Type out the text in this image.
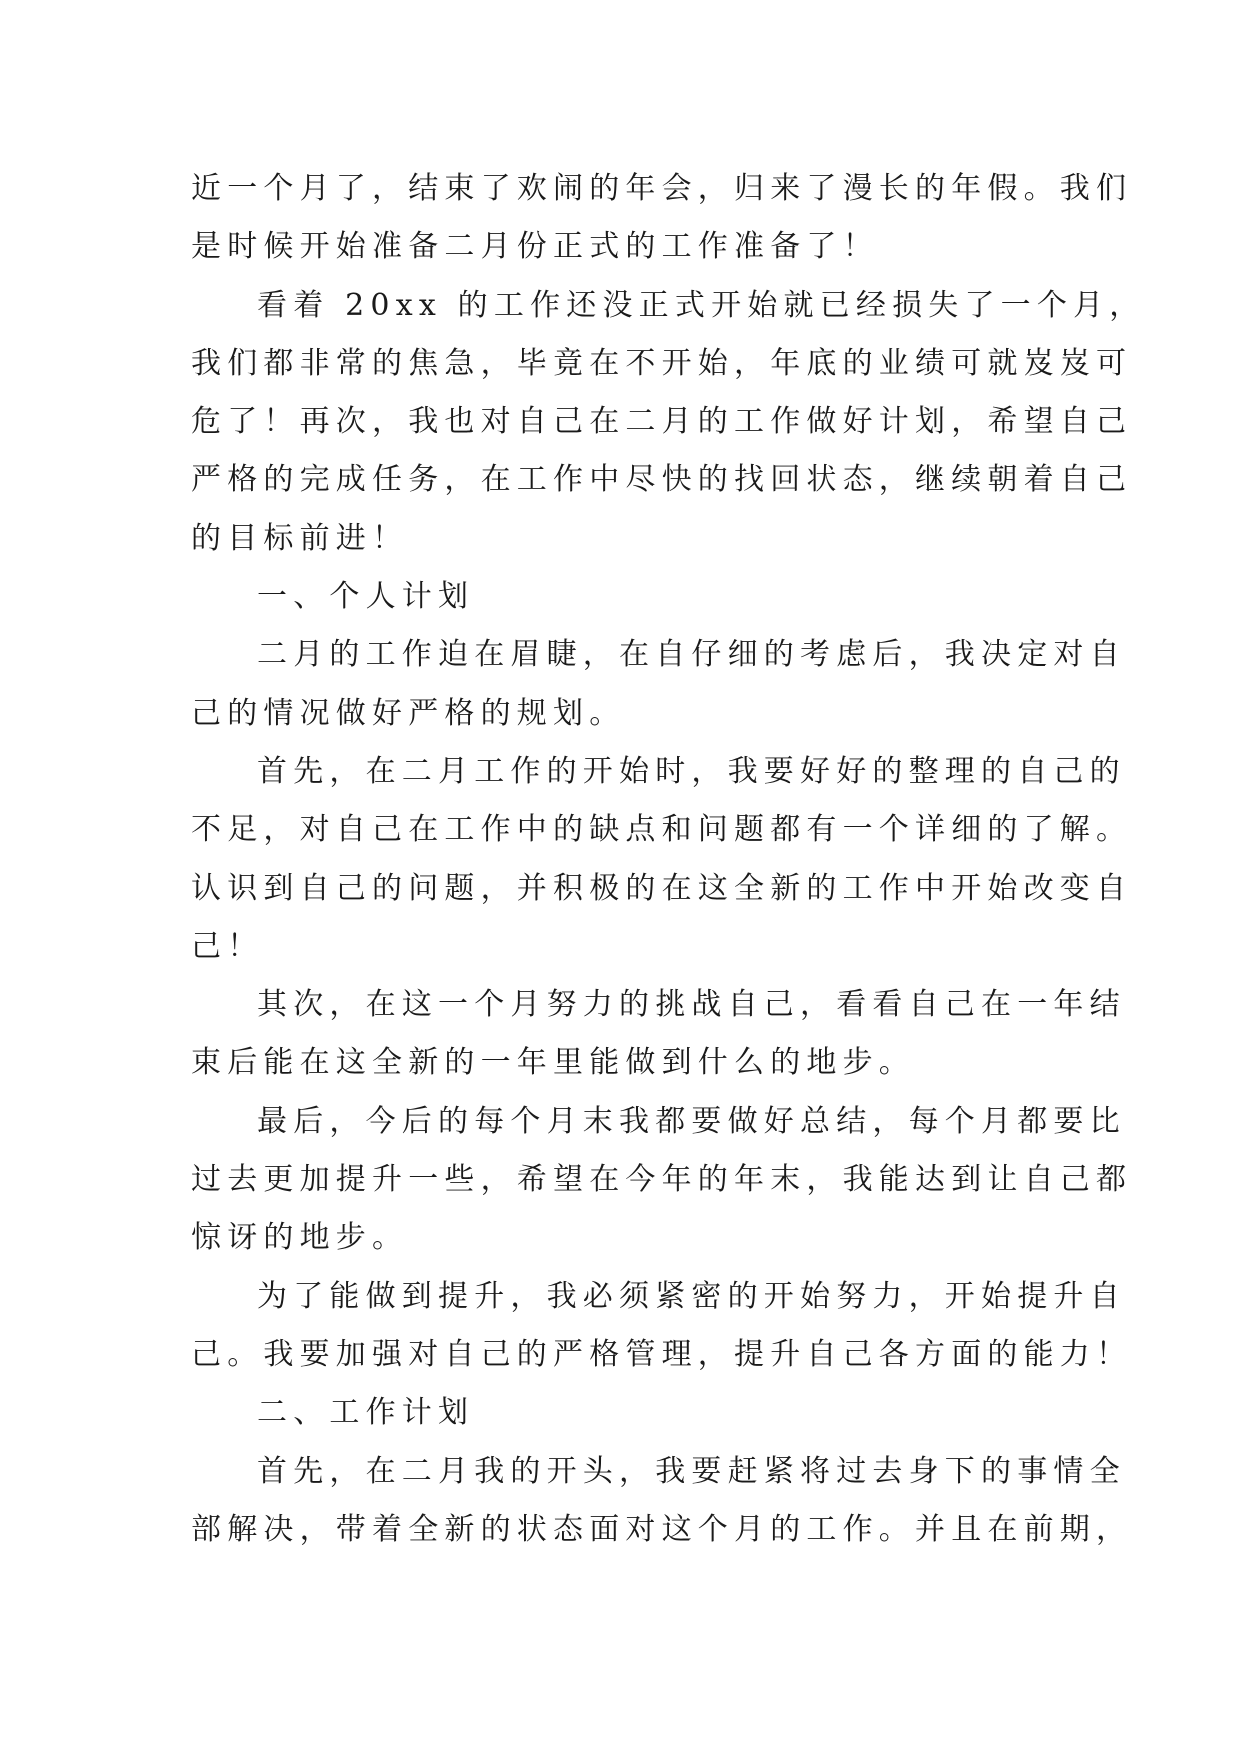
近一个月了，结束了欢闹的年会，归来了漫长的年假。我们
是时候开始准备二月份正式的工作准备了！
看着 20xx 的工作还没正式开始就已经损失了一个月，
我们都非常的焦急，毕竟在不开始，年底的业绩可就岌岌可
危了！再次，我也对自己在二月的工作做好计划，希望自己
严格的完成任务，在工作中尽快的找回状态，继续朝着自己
的目标前进！
一、个人计划
二月的工作迫在眉睫，在自仔细的考虑后，我决定对自
己的情况做好严格的规划。
首先，在二月工作的开始时，我要好好的整理的自己的
不足，对自己在工作中的缺点和问题都有一个详细的了解。
认识到自己的问题，并积极的在这全新的工作中开始改变自
己！
其次，在这一个月努力的挑战自己，看看自己在一年结
束后能在这全新的一年里能做到什么的地步。
最后，今后的每个月末我都要做好总结，每个月都要比
过去更加提升一些，希望在今年的年末，我能达到让自己都
惊讶的地步。
为了能做到提升，我必须紧密的开始努力，开始提升自
己。我要加强对自己的严格管理，提升自己各方面的能力！
二、工作计划
首先，在二月我的开头，我要赶紧将过去身下的事情全
部解决，带着全新的状态面对这个月的工作。并且在前期，
